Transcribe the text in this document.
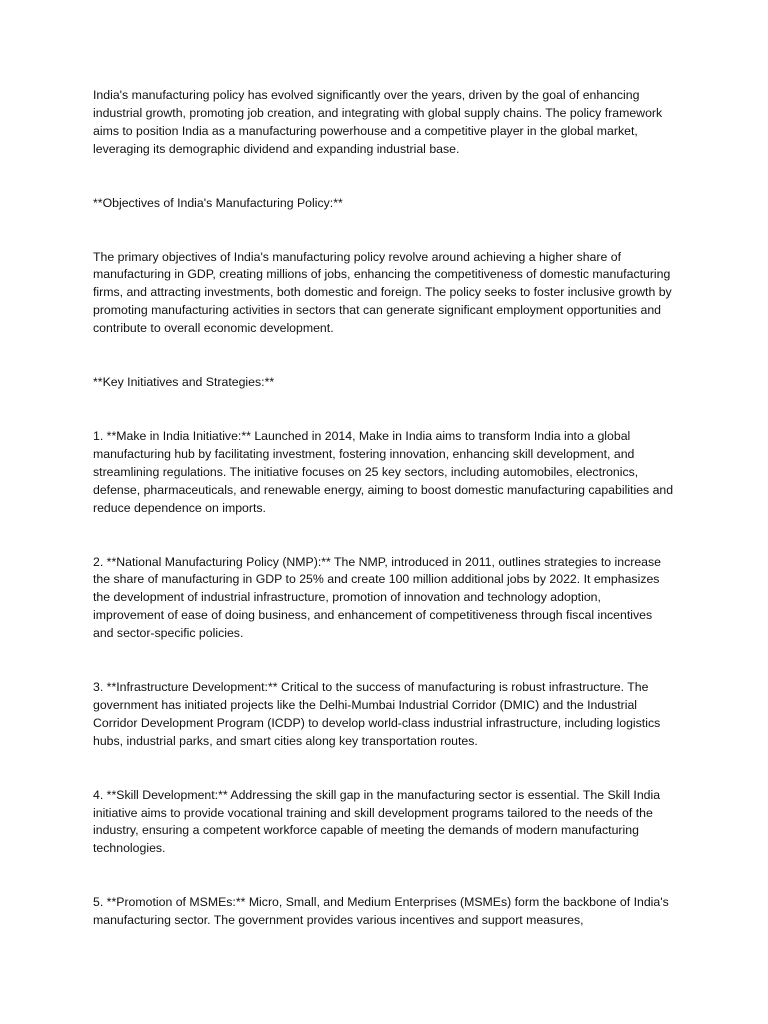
India's manufacturing policy has evolved significantly over the years, driven by the goal of enhancing industrial growth, promoting job creation, and integrating with global supply chains. The policy framework aims to position India as a manufacturing powerhouse and a competitive player in the global market, leveraging its demographic dividend and expanding industrial base.

**Objectives of India's Manufacturing Policy:**

The primary objectives of India's manufacturing policy revolve around achieving a higher share of manufacturing in GDP, creating millions of jobs, enhancing the competitiveness of domestic manufacturing firms, and attracting investments, both domestic and foreign. The policy seeks to foster inclusive growth by promoting manufacturing activities in sectors that can generate significant employment opportunities and contribute to overall economic development.

**Key Initiatives and Strategies:**

1. **Make in India Initiative:** Launched in 2014, Make in India aims to transform India into a global manufacturing hub by facilitating investment, fostering innovation, enhancing skill development, and streamlining regulations. The initiative focuses on 25 key sectors, including automobiles, electronics, defense, pharmaceuticals, and renewable energy, aiming to boost domestic manufacturing capabilities and reduce dependence on imports.

2. **National Manufacturing Policy (NMP):** The NMP, introduced in 2011, outlines strategies to increase the share of manufacturing in GDP to 25% and create 100 million additional jobs by 2022. It emphasizes the development of industrial infrastructure, promotion of innovation and technology adoption, improvement of ease of doing business, and enhancement of competitiveness through fiscal incentives and sector-specific policies.

3. **Infrastructure Development:** Critical to the success of manufacturing is robust infrastructure. The government has initiated projects like the Delhi-Mumbai Industrial Corridor (DMIC) and the Industrial Corridor Development Program (ICDP) to develop world-class industrial infrastructure, including logistics hubs, industrial parks, and smart cities along key transportation routes.

4. **Skill Development:** Addressing the skill gap in the manufacturing sector is essential. The Skill India initiative aims to provide vocational training and skill development programs tailored to the needs of the industry, ensuring a competent workforce capable of meeting the demands of modern manufacturing technologies.

5. **Promotion of MSMEs:** Micro, Small, and Medium Enterprises (MSMEs) form the backbone of India's manufacturing sector. The government provides various incentives and support measures,
